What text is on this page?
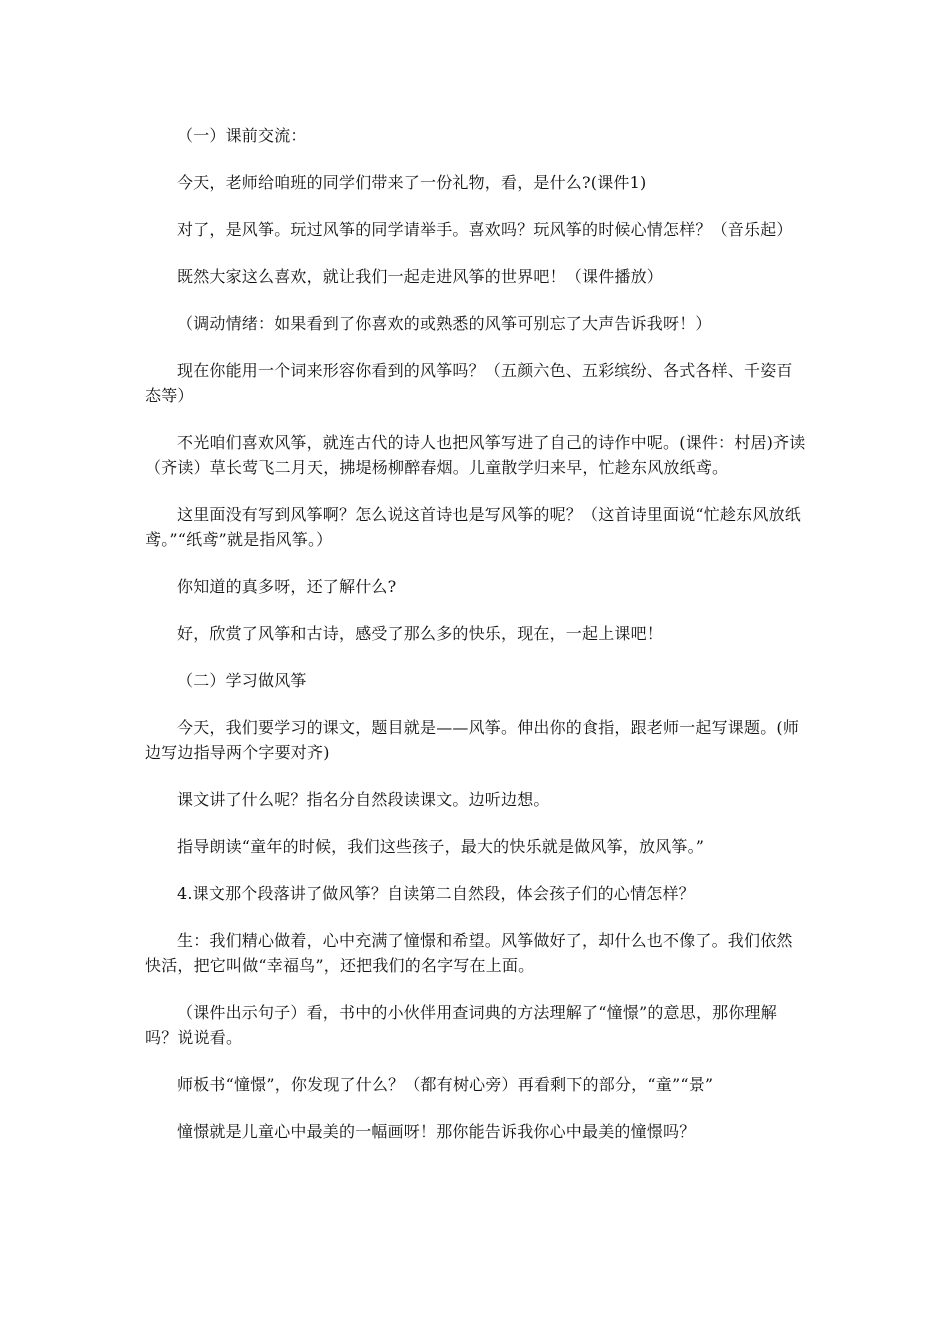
（一）课前交流：

今天，老师给咱班的同学们带来了一份礼物，看，是什么?(课件1)

对了，是风筝。玩过风筝的同学请举手。喜欢吗？玩风筝的时候心情怎样？（音乐起）

既然大家这么喜欢，就让我们一起走进风筝的世界吧！（课件播放）

（调动情绪：如果看到了你喜欢的或熟悉的风筝可别忘了大声告诉我呀！）

现在你能用一个词来形容你看到的风筝吗？（五颜六色、五彩缤纷、各式各样、千姿百态等）

不光咱们喜欢风筝，就连古代的诗人也把风筝写进了自己的诗作中呢。(课件：村居)齐读（齐读）草长莺飞二月天，拂堤杨柳醉春烟。儿童散学归来早，忙趁东风放纸鸢。

这里面没有写到风筝啊？怎么说这首诗也是写风筝的呢？（这首诗里面说“忙趁东风放纸鸢。”“纸鸢”就是指风筝。）

你知道的真多呀，还了解什么?

好，欣赏了风筝和古诗，感受了那么多的快乐，现在，一起上课吧！

（二）学习做风筝

今天，我们要学习的课文，题目就是——风筝。伸出你的食指，跟老师一起写课题。(师边写边指导两个字要对齐)

课文讲了什么呢？指名分自然段读课文。边听边想。

指导朗读“童年的时候，我们这些孩子，最大的快乐就是做风筝，放风筝。”

4.课文那个段落讲了做风筝？自读第二自然段，体会孩子们的心情怎样？

生：我们精心做着，心中充满了憧憬和希望。风筝做好了，却什么也不像了。我们依然快活，把它叫做“幸福鸟”，还把我们的名字写在上面。

（课件出示句子）看，书中的小伙伴用查词典的方法理解了“憧憬”的意思，那你理解吗？说说看。

师板书“憧憬”，你发现了什么？（都有树心旁）再看剩下的部分，“童”“景”

憧憬就是儿童心中最美的一幅画呀！那你能告诉我你心中最美的憧憬吗？
